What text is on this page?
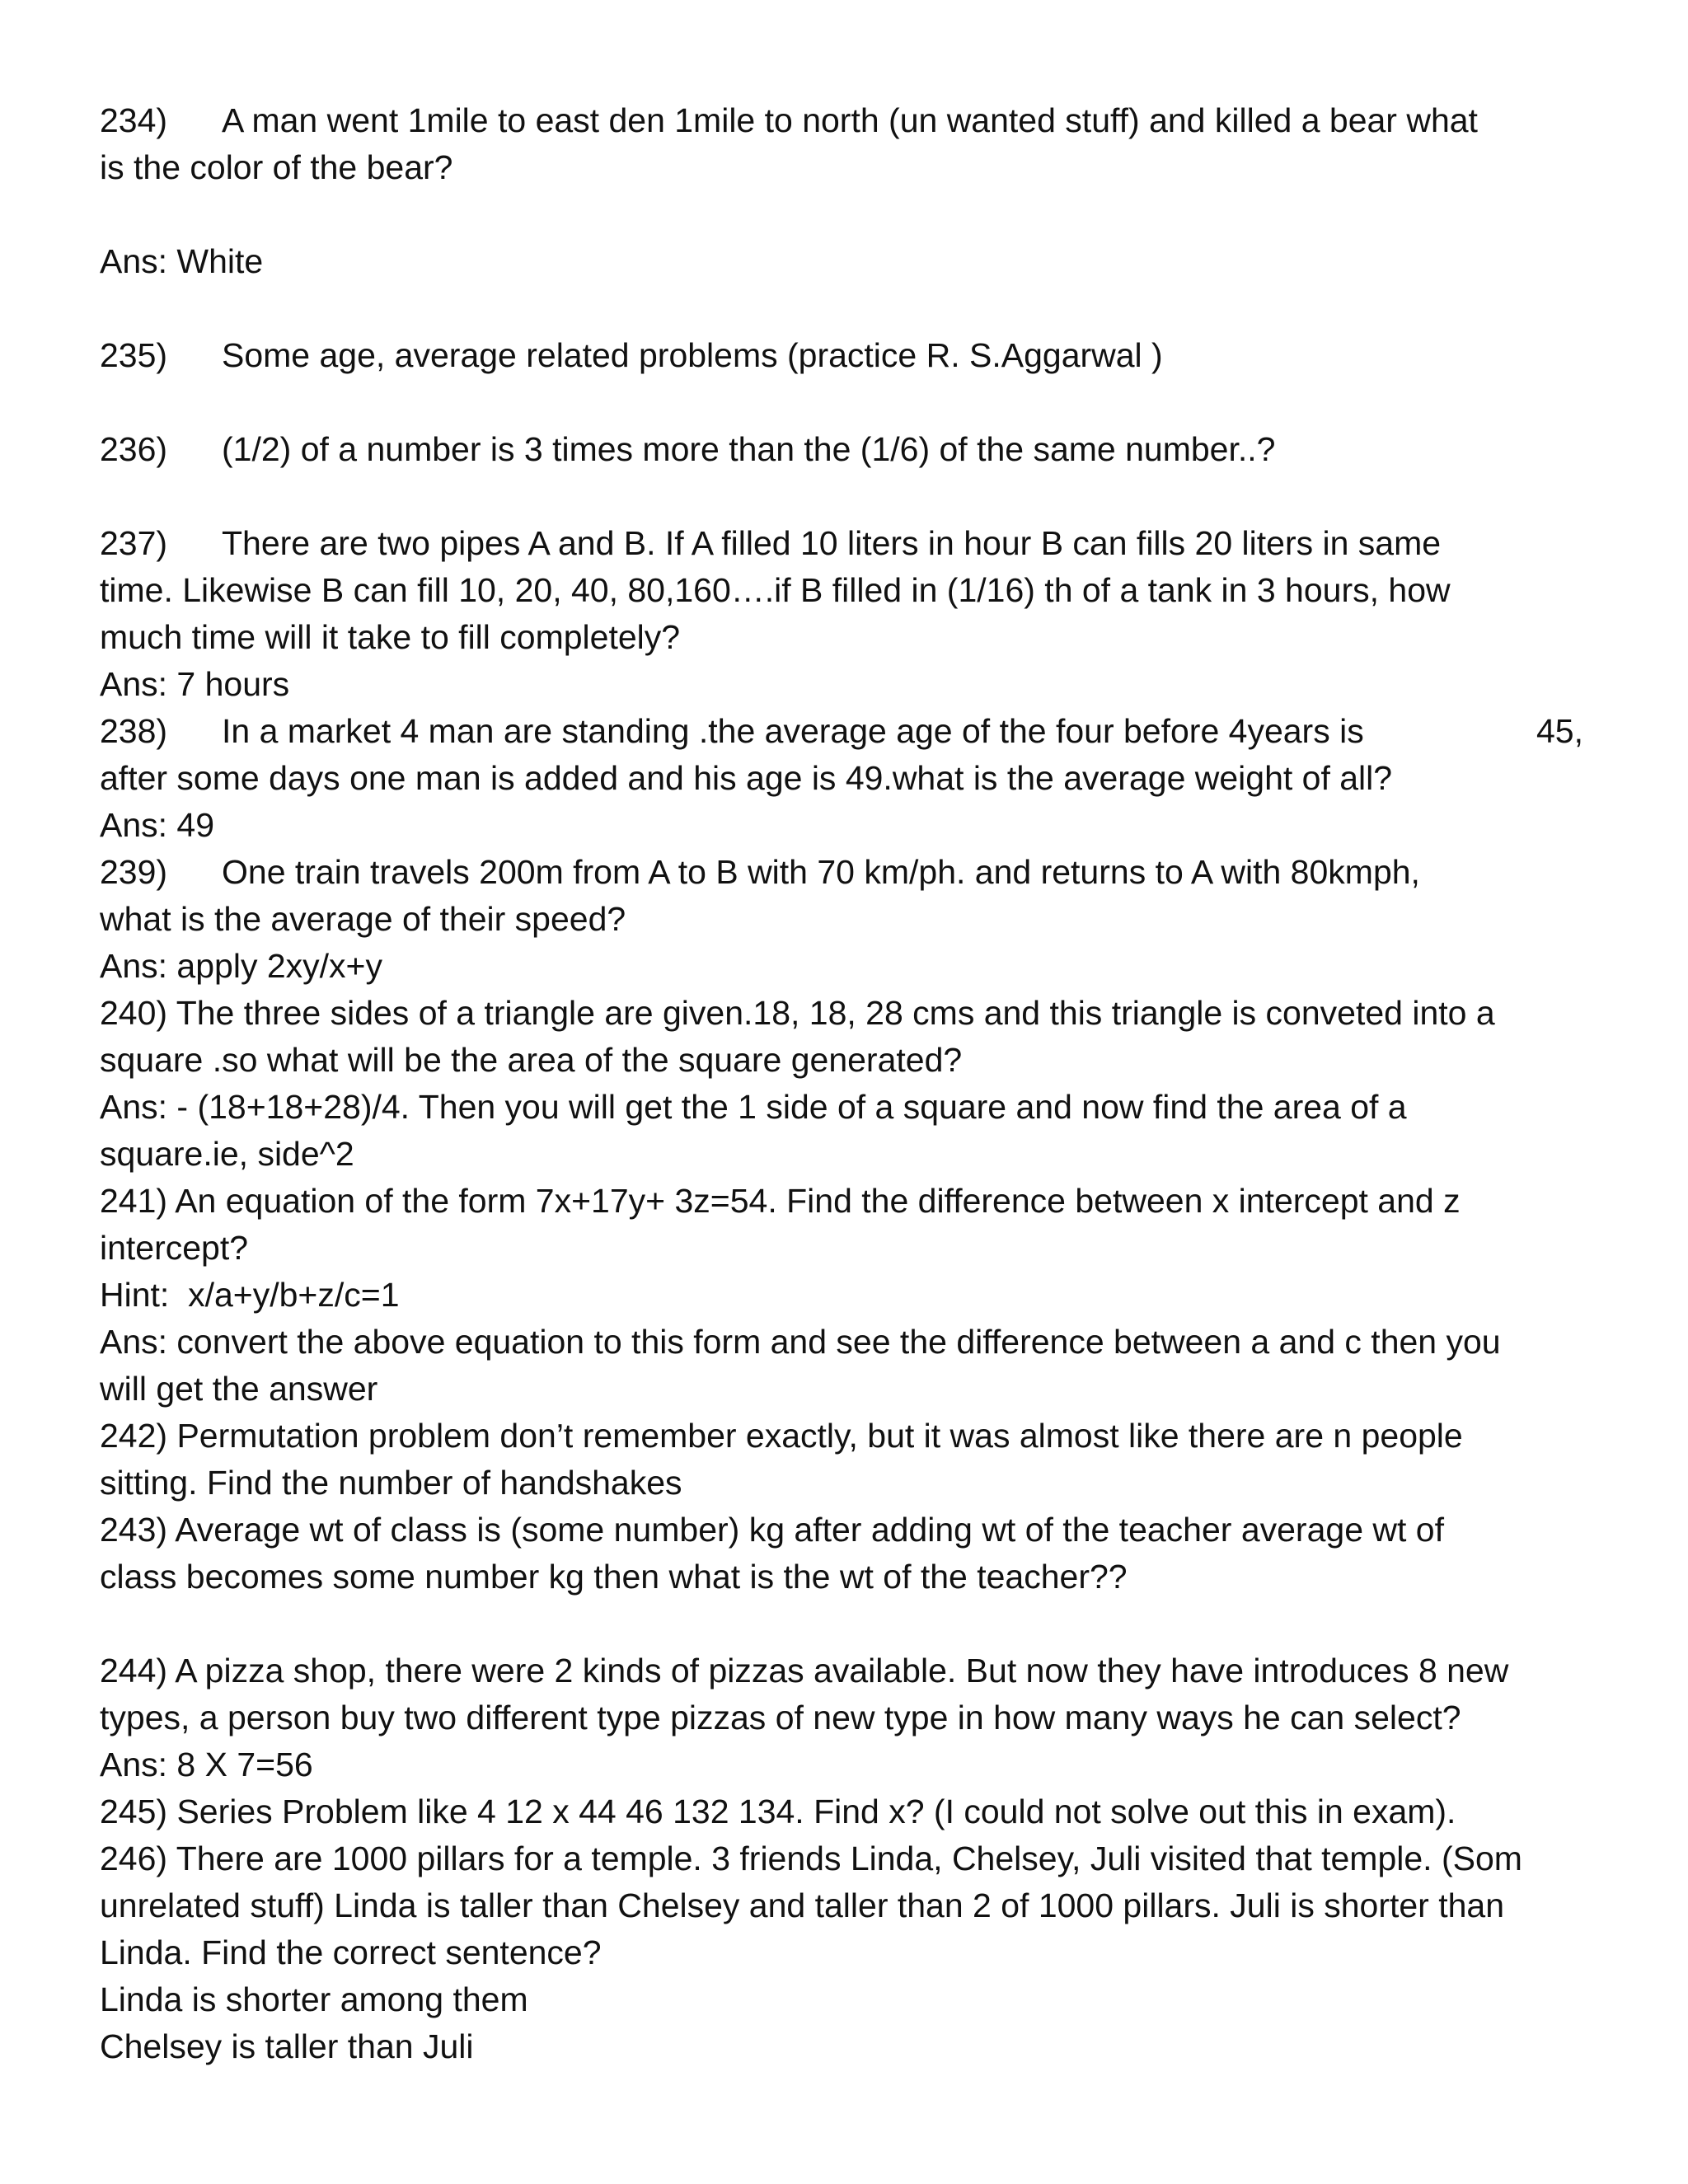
234) A man went 1mile to east den 1mile to north (un wanted stuff) and killed a bear what
is the color of the bear?
Ans: White
235) Some age, average related problems (practice R. S.Aggarwal )
236) (1/2) of a number is 3 times more than the (1/6) of the same number..?
237) There are two pipes A and B. If A filled 10 liters in hour B can fills 20 liters in same
time. Likewise B can fill 10, 20, 40, 80,160….if B filled in (1/16) th of a tank in 3 hours, how
much time will it take to fill completely?
Ans: 7 hours
238) In a market 4 man are standing .the average age of the four before 4years is	45,
after some days one man is added and his age is 49.what is the average weight of all?
Ans: 49
239) One train travels 200m from A to B with 70 km/ph. and returns to A with 80kmph,
what is the average of their speed?
Ans: apply 2xy/x+y
240) The three sides of a triangle are given.18, 18, 28 cms and this triangle is conveted into a
square .so what will be the area of the square generated?
Ans: - (18+18+28)/4. Then you will get the 1 side of a square and now find the area of a
square.ie, side^2
241) An equation of the form 7x+17y+ 3z=54. Find the difference between x intercept and z
intercept?
Hint:  x/a+y/b+z/c=1
Ans: convert the above equation to this form and see the difference between a and c then you
will get the answer
242) Permutation problem don’t remember exactly, but it was almost like there are n people
sitting. Find the number of handshakes
243) Average wt of class is (some number) kg after adding wt of the teacher average wt of
class becomes some number kg then what is the wt of the teacher??
244) A pizza shop, there were 2 kinds of pizzas available. But now they have introduces 8 new
types, a person buy two different type pizzas of new type in how many ways he can select?
Ans: 8 X 7=56
245) Series Problem like 4 12 x 44 46 132 134. Find x? (I could not solve out this in exam).
246) There are 1000 pillars for a temple. 3 friends Linda, Chelsey, Juli visited that temple. (Som
unrelated stuff) Linda is taller than Chelsey and taller than 2 of 1000 pillars. Juli is shorter than
Linda. Find the correct sentence?
Linda is shorter among them
Chelsey is taller than Juli
